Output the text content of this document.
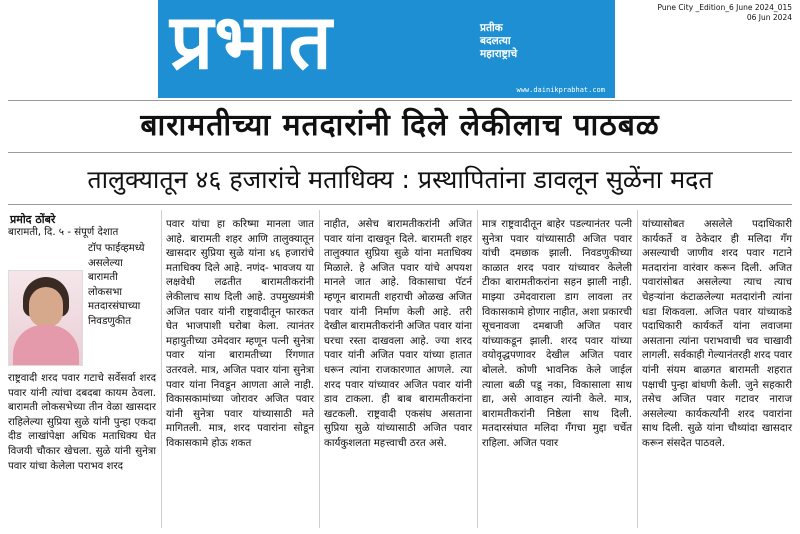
प्रभात	प्रतीक
बदलत्या
महाराष्ट्राचे
www.dainikprabhat.com
Pune City _Edition_6 June 2024_015
06 Jun 2024
बारामतीच्या मतदारांनी दिले लेकीलाच पाठबळ
तालुक्यातून ४६ हजारांचे मताधिक्य : प्रस्थापितांना डावलून सुळेंना मदत
प्रमोद ठोंबरे
बारामती, दि. ५ - संपूर्ण देशात
टॉप फाईव्हमध्ये असलेल्या बारामती लोकसभा मतदारसंघाच्या निवडणुकीत
राष्ट्रवादी शरद पवार गटाचे सर्वेसर्वा शरद पवार यांनी त्यांचा दबदबा कायम ठेवला. बारामती लोकसभेच्या तीन वेळा खासदार राहिलेल्या सुप्रिया सुळे यांनी पुन्हा एकदा दीड लाखांपेक्षा अधिक मताधिक्य घेत विजयी चौकार खेचला. सुळे यांनी सुनेत्रा पवार यांचा केलेला पराभव शरद
पवार यांचा हा करिष्मा मानला जात आहे. बारामती शहर आणि तालुक्यातून खासदार सुप्रिया सुळे यांना ४६ हजारांचे मताधिक्य दिले आहे. नणंद- भावजय या लक्षवेधी लढतीत बारामतीकरांनी लेकीलाच साथ दिली आहे. उपमुख्यमंत्री अजित पवार यांनी राष्ट्रवादीतून फारकत घेत भाजपाशी घरोबा केला. त्यानंतर महायुतीच्या उमेदवार म्हणून पत्नी सुनेत्रा पवार यांना बारामतीच्या रिंगणात उतरवले. मात्र, अजित पवार यांना सुनेत्रा पवार यांना निवडून आणता आले नाही. विकासकामांच्या जोरावर अजित पवार यांनी सुनेत्रा पवार यांच्यासाठी मते मागितली. मात्र, शरद पवारांना सोडून विकासकामे होऊ शकत
नाहीत, असेच बारामतीकरांनी अजित पवार यांना दाखवून दिले. बारामती शहर तालुक्यात सुप्रिया सुळे यांना मताधिक्य मिळाले. हे अजित पवार यांचे अपयश मानले जात आहे. विकासाचा पॅटर्न म्हणून बारामती शहराची ओळख अजित पवार यांनी निर्माण केली आहे. तरी देखील बारामतीकरांनी अजित पवार यांना घरचा रस्ता दाखवला आहे. ज्या शरद पवार यांनी अजित पवार यांच्या हातात धरून त्यांना राजकारणात आणले. त्या शरद पवार यांच्यावर अजित पवार यांनी डाव टाकला. ही बाब बारामतीकरांना खटकली. राष्ट्रवादी एकसंघ असताना सुप्रिया सुळे यांच्यासाठी अजित पवार कार्यकुशलता महत्त्वाची ठरत असे.
मात्र राष्ट्रवादीतून बाहेर पडल्यानंतर पत्नी सुनेत्रा पवार यांच्यासाठी अजित पवार यांची दमछाक झाली. निवडणुकीच्या काळात शरद पवार यांच्यावर केलेली टीका बारामतीकरांना सहन झाली नाही. माझ्या उमेदवाराला डाग लावला तर विकासकामे होणार नाहीत, अशा प्रकारची सूचनावजा दमबाजी अजित पवार यांच्याकडून झाली. शरद पवार यांच्या वयोवृद्धपणावर देखील अजित पवार बोलले. कोणी भावनिक केले जाईल त्याला बळी पडू नका, विकासाला साथ द्या, असे आवाहन त्यांनी केले. मात्र, बारामतीकरांनी निष्ठेला साथ दिली. मतदारसंघात मलिदा गँगचा मुद्दा चर्चेत राहिला. अजित पवार
यांच्यासोबत असलेले पदाधिकारी कार्यकर्ते व ठेकेदार ही मलिदा गँग असल्याची जाणीव शरद पवार गटाने मतदारांना वारंवार करून दिली. अजित पवारांसोबत असलेल्या त्याच त्याच चेहऱ्यांना कंटाळलेल्या मतदारांनी त्यांना धडा शिकवला. अजित पवार यांच्याकडे पदाधिकारी कार्यकर्ते यांना लवाजमा असताना त्यांना पराभवाची चव चाखावी लागली. सर्वकाही गेल्यानंतरही शरद पवार यांनी संयम बाळगत बारामती शहरात पक्षाची पुन्हा बांधणी केली. जुने सहकारी तसेच अजित पवार गटावर नाराज असलेल्या कार्यकर्त्यांनी शरद पवारांना साथ दिली. सुळे यांना चौथ्यांदा खासदार करून संसदेत पाठवले.
